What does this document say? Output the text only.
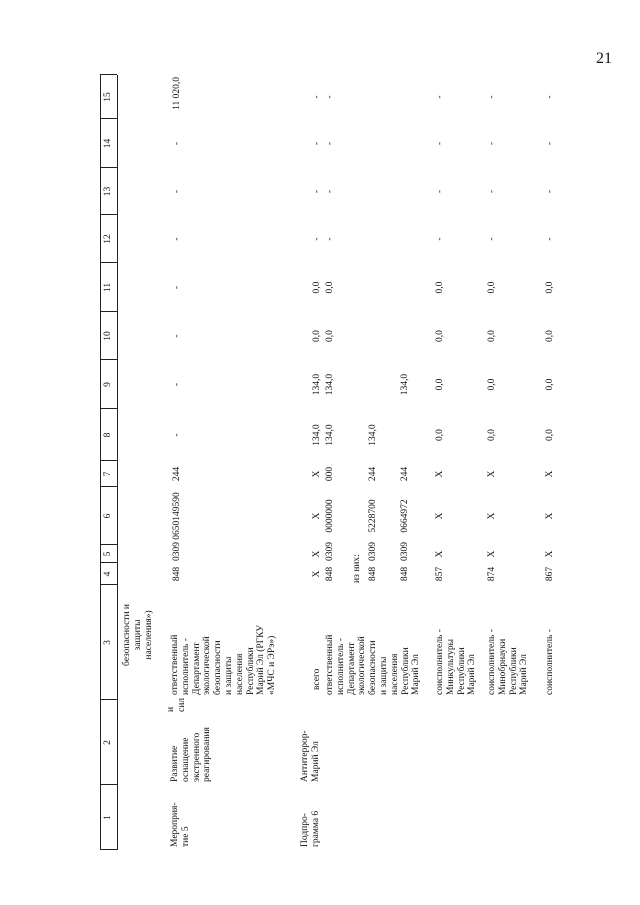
21
1
2
3
4
5
6
7
8
9
10
11
12
13
14
15
безопасности и защиты населения»)
Мероприя- тие 5
Развитие оснащение экстренного реагирования
и сил
ответственный исполнитель - Департамент экологической безопасности и защиты населения Республики Марий Эл (РГКУ «МЧС и ЭРэ»)
848
0309
0650149590
244
-
-
-
-
-
-
-
11 020,0
Подпро- грамма 6
Антитеррор- Марий Эл
всего
X
X
X
X
134,0
134,0
0,0
0,0
-
-
-
-
ответственный исполнитель - Департамент экологической безопасности
848
0309
0000000
000
134,0
134,0
0,0
0,0
-
-
-
-
из них:
и защиты населения Республики Марий Эл
848
0309
5228700
244
134,0
848
0309
0664972
244
134,0
соисполнитель - Минкультуры Республики Марий Эл
857
X
X
X
0,0
0,0
0,0
0,0
-
-
-
-
соисполнитель - Минобрнауки Республики Марий Эл
874
X
X
X
0,0
0,0
0,0
0,0
-
-
-
-
соисполнитель -
867
X
X
X
0,0
0,0
0,0
0,0
-
-
-
-
